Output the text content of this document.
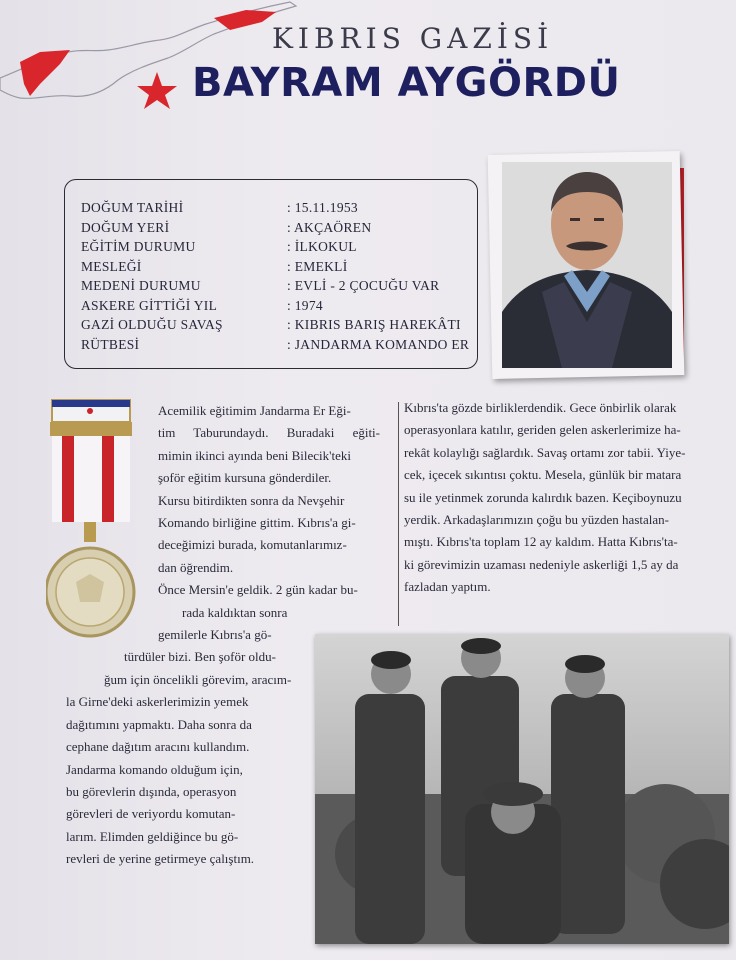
KIBRIS GAZİSİ
BAYRAM AYGÖRDÜ
DOĞUM TARİHİ	: 15.11.1953
DOĞUM YERİ	: AKÇAÖREN
EĞİTİM DURUMU	: İLKOKUL
MESLEĞİ	: EMEKLİ
MEDENİ DURUMU	: EVLİ - 2 ÇOCUĞU VAR
ASKERE GİTTİĞİ YIL	: 1974
GAZİ OLDUĞU SAVAŞ	: KIBRIS BARIŞ HAREKÂTI
RÜTBESİ	: JANDARMA KOMANDO ER
Acemilik eğitimim Jandarma Er Eği-
tim Taburundaydı. Buradaki eğiti-
mimin ikinci ayında beni Bilecik'teki
şoför eğitim kursuna gönderdiler.
Kursu bitirdikten sonra da Nevşehir
Komando birliğine gittim. Kıbrıs'a gi-
deceğimizi burada, komutanlarımız-
dan öğrendim.
Önce Mersin'e geldik. 2 gün kadar bu-
rada kaldıktan sonra
gemilerle Kıbrıs'a gö-
türdüler bizi. Ben şoför oldu-
ğum için öncelikli görevim, aracım-
la Girne'deki askerlerimizin yemek
dağıtımını yapmaktı. Daha sonra da
cephane dağıtım aracını kullandım.
Jandarma komando olduğum için,
bu görevlerin dışında, operasyon
görevleri de veriyordu komutan-
larım. Elimden geldiğince bu gö-
revleri de yerine getirmeye çalıştım.
Kıbrıs'ta gözde birliklerdendik. Gece önbirlik olarak
operasyonlara katılır, geriden gelen askerlerimize ha-
rekât kolaylığı sağlardık. Savaş ortamı zor tabii. Yiye-
cek, içecek sıkıntısı çoktu. Mesela, günlük bir matara
su ile yetinmek zorunda kalırdık bazen. Keçiboynuzu
yerdik. Arkadaşlarımızın çoğu bu yüzden hastalan-
mıştı. Kıbrıs'ta toplam 12 ay kaldım. Hatta Kıbrıs'ta-
ki görevimizin uzaması nedeniyle askerliği 1,5 ay da
fazladan yaptım.
